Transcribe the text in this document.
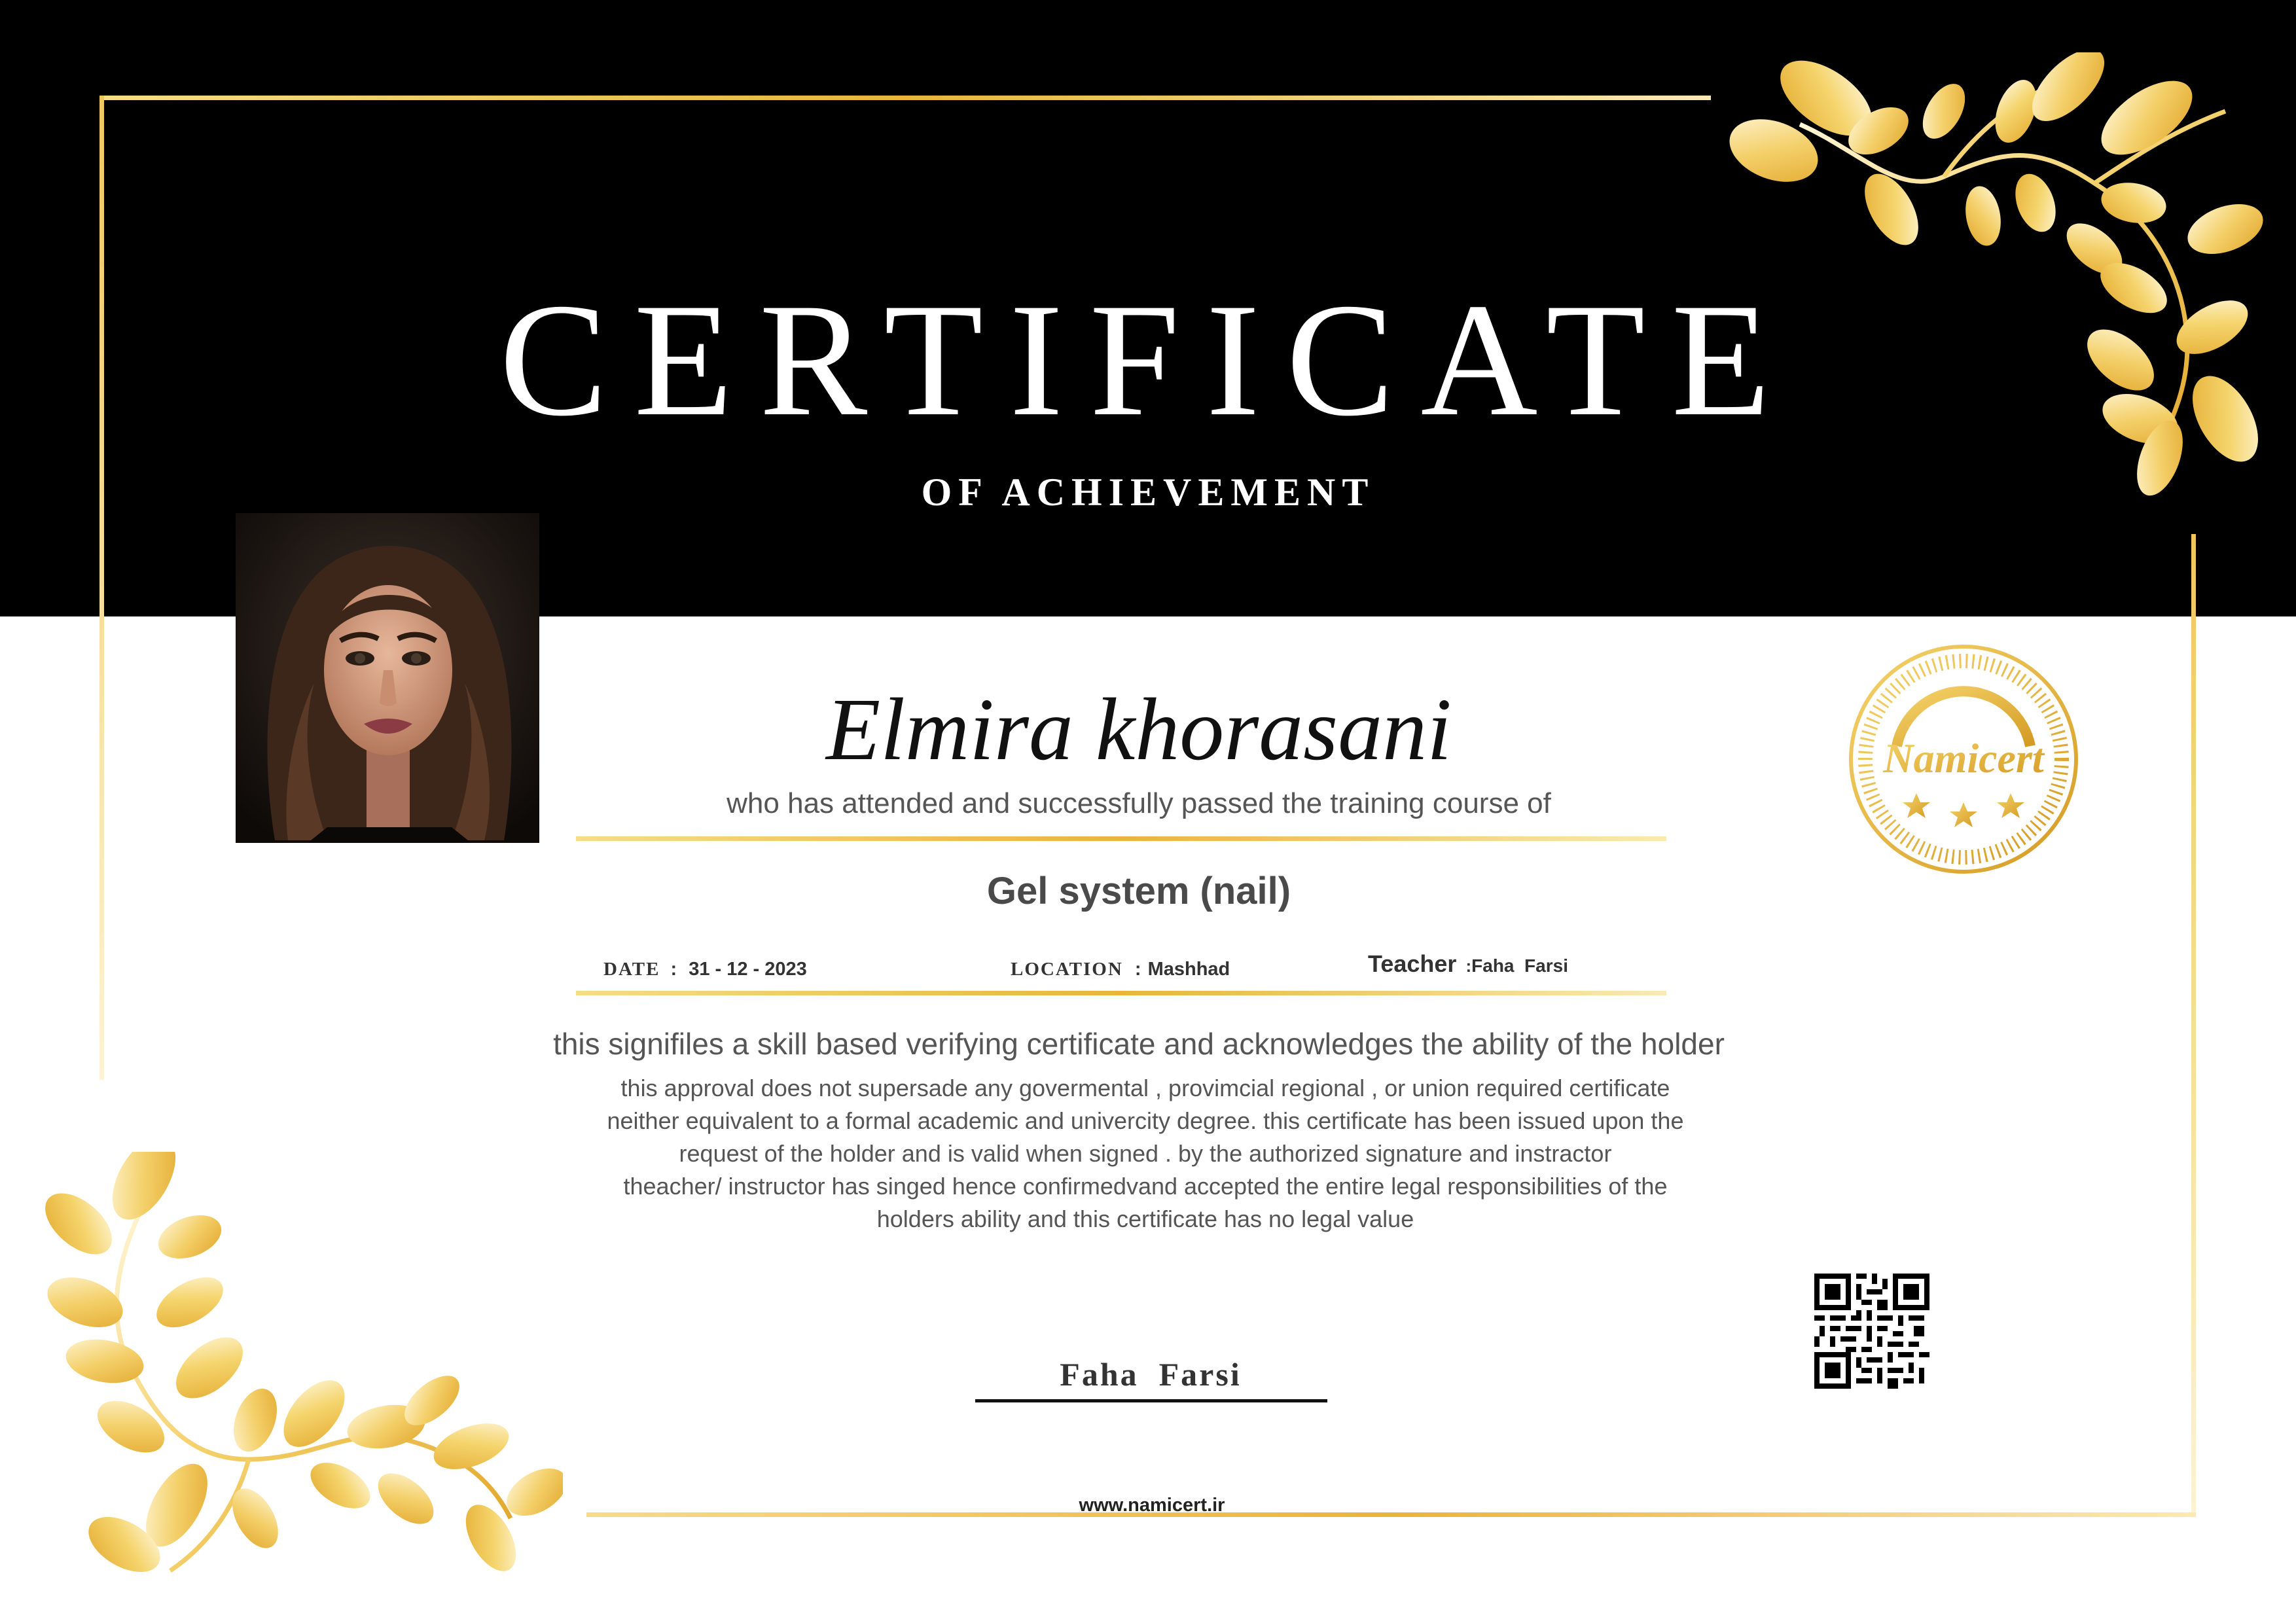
CERTIFICATE
OF ACHIEVEMENT
Elmira khorasani
who has attended and successfully passed the training course of
Gel system (nail)
DATE : 31 - 12 - 2023	LOCATION : Mashhad	Teacher :Faha  Farsi
this signifiles a skill based verifying certificate and acknowledges the ability of the holder
this approval does not supersade any govermental , provimcial regional , or union required certificate
neither equivalent to a formal academic and univercity degree. this certificate has been issued upon the
request of the holder and is valid when signed . by the authorized signature and instractor
theacher/ instructor has singed hence confirmedvand accepted the entire legal responsibilities of the
holders ability and this certificate has no legal value
Namicert
Faha  Farsi
www.namicert.ir
